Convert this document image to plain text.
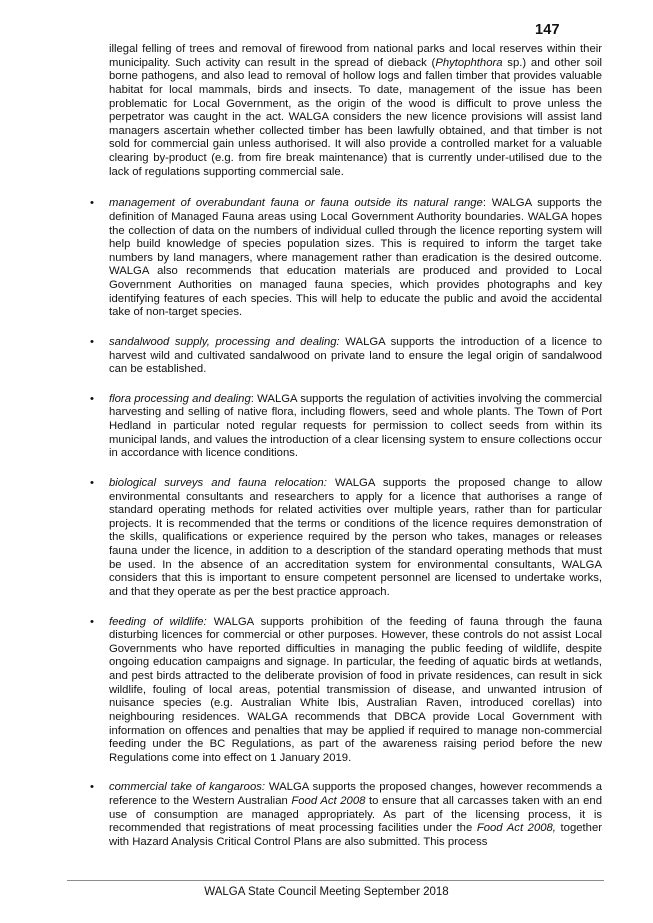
147

illegal felling of trees and removal of firewood from national parks and local reserves within their municipality. Such activity can result in the spread of dieback (Phytophthora sp.) and other soil borne pathogens, and also lead to removal of hollow logs and fallen timber that provides valuable habitat for local mammals, birds and insects. To date, management of the issue has been problematic for Local Government, as the origin of the wood is difficult to prove unless the perpetrator was caught in the act. WALGA considers the new licence provisions will assist land managers ascertain whether collected timber has been lawfully obtained, and that timber is not sold for commercial gain unless authorised. It will also provide a controlled market for a valuable clearing by-product (e.g. from fire break maintenance) that is currently under-utilised due to the lack of regulations supporting commercial sale.

• management of overabundant fauna or fauna outside its natural range: WALGA supports the definition of Managed Fauna areas using Local Government Authority boundaries. WALGA hopes the collection of data on the numbers of individual culled through the licence reporting system will help build knowledge of species population sizes. This is required to inform the target take numbers by land managers, where management rather than eradication is the desired outcome. WALGA also recommends that education materials are produced and provided to Local Government Authorities on managed fauna species, which provides photographs and key identifying features of each species. This will help to educate the public and avoid the accidental take of non-target species.

• sandalwood supply, processing and dealing: WALGA supports the introduction of a licence to harvest wild and cultivated sandalwood on private land to ensure the legal origin of sandalwood can be established.

• flora processing and dealing: WALGA supports the regulation of activities involving the commercial harvesting and selling of native flora, including flowers, seed and whole plants. The Town of Port Hedland in particular noted regular requests for permission to collect seeds from within its municipal lands, and values the introduction of a clear licensing system to ensure collections occur in accordance with licence conditions.

• biological surveys and fauna relocation: WALGA supports the proposed change to allow environmental consultants and researchers to apply for a licence that authorises a range of standard operating methods for related activities over multiple years, rather than for particular projects. It is recommended that the terms or conditions of the licence requires demonstration of the skills, qualifications or experience required by the person who takes, manages or releases fauna under the licence, in addition to a description of the standard operating methods that must be used. In the absence of an accreditation system for environmental consultants, WALGA considers that this is important to ensure competent personnel are licensed to undertake works, and that they operate as per the best practice approach.

• feeding of wildlife: WALGA supports prohibition of the feeding of fauna through the fauna disturbing licences for commercial or other purposes. However, these controls do not assist Local Governments who have reported difficulties in managing the public feeding of wildlife, despite ongoing education campaigns and signage. In particular, the feeding of aquatic birds at wetlands, and pest birds attracted to the deliberate provision of food in private residences, can result in sick wildlife, fouling of local areas, potential transmission of disease, and unwanted intrusion of nuisance species (e.g. Australian White Ibis, Australian Raven, introduced corellas) into neighbouring residences. WALGA recommends that DBCA provide Local Government with information on offences and penalties that may be applied if required to manage non-commercial feeding under the BC Regulations, as part of the awareness raising period before the new Regulations come into effect on 1 January 2019.

• commercial take of kangaroos: WALGA supports the proposed changes, however recommends a reference to the Western Australian Food Act 2008 to ensure that all carcasses taken with an end use of consumption are managed appropriately. As part of the licensing process, it is recommended that registrations of meat processing facilities under the Food Act 2008, together with Hazard Analysis Critical Control Plans are also submitted. This process

WALGA State Council Meeting September 2018
